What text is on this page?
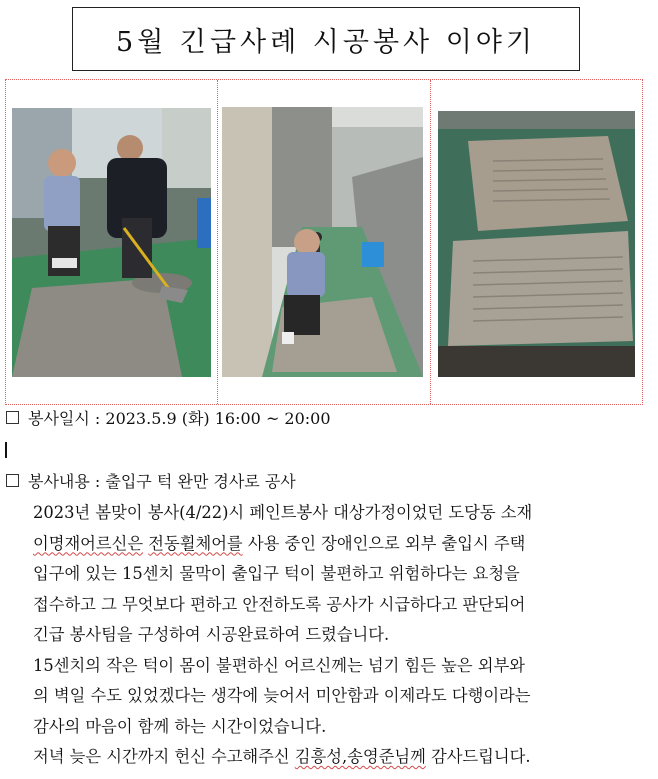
5월 긴급사례 시공봉사 이야기
봉사일시 : 2023.5.9 (화) 16:00 ~ 20:00
봉사내용 : 출입구 턱 완만 경사로 공사

2023년 봄맞이 봉사(4/22)시 페인트봉사 대상가정이었던 도당동 소재
이명재어르신은 전동휠체어를 사용 중인 장애인으로 외부 출입시 주택
입구에 있는 15센치 물막이 출입구 턱이 불편하고 위험하다는 요청을
접수하고 그 무엇보다 편하고 안전하도록 공사가 시급하다고 판단되어
긴급 봉사팀을 구성하여 시공완료하여 드렸습니다.

15센치의 작은 턱이 몸이 불편하신 어르신께는 넘기 힘든 높은 외부와
의 벽일 수도 있었겠다는 생각에 늦어서 미안함과 이제라도 다행이라는
감사의 마음이 함께 하는 시간이었습니다.

저녁 늦은 시간까지 헌신 수고해주신 김흥성,송영준님께 감사드립니다.
